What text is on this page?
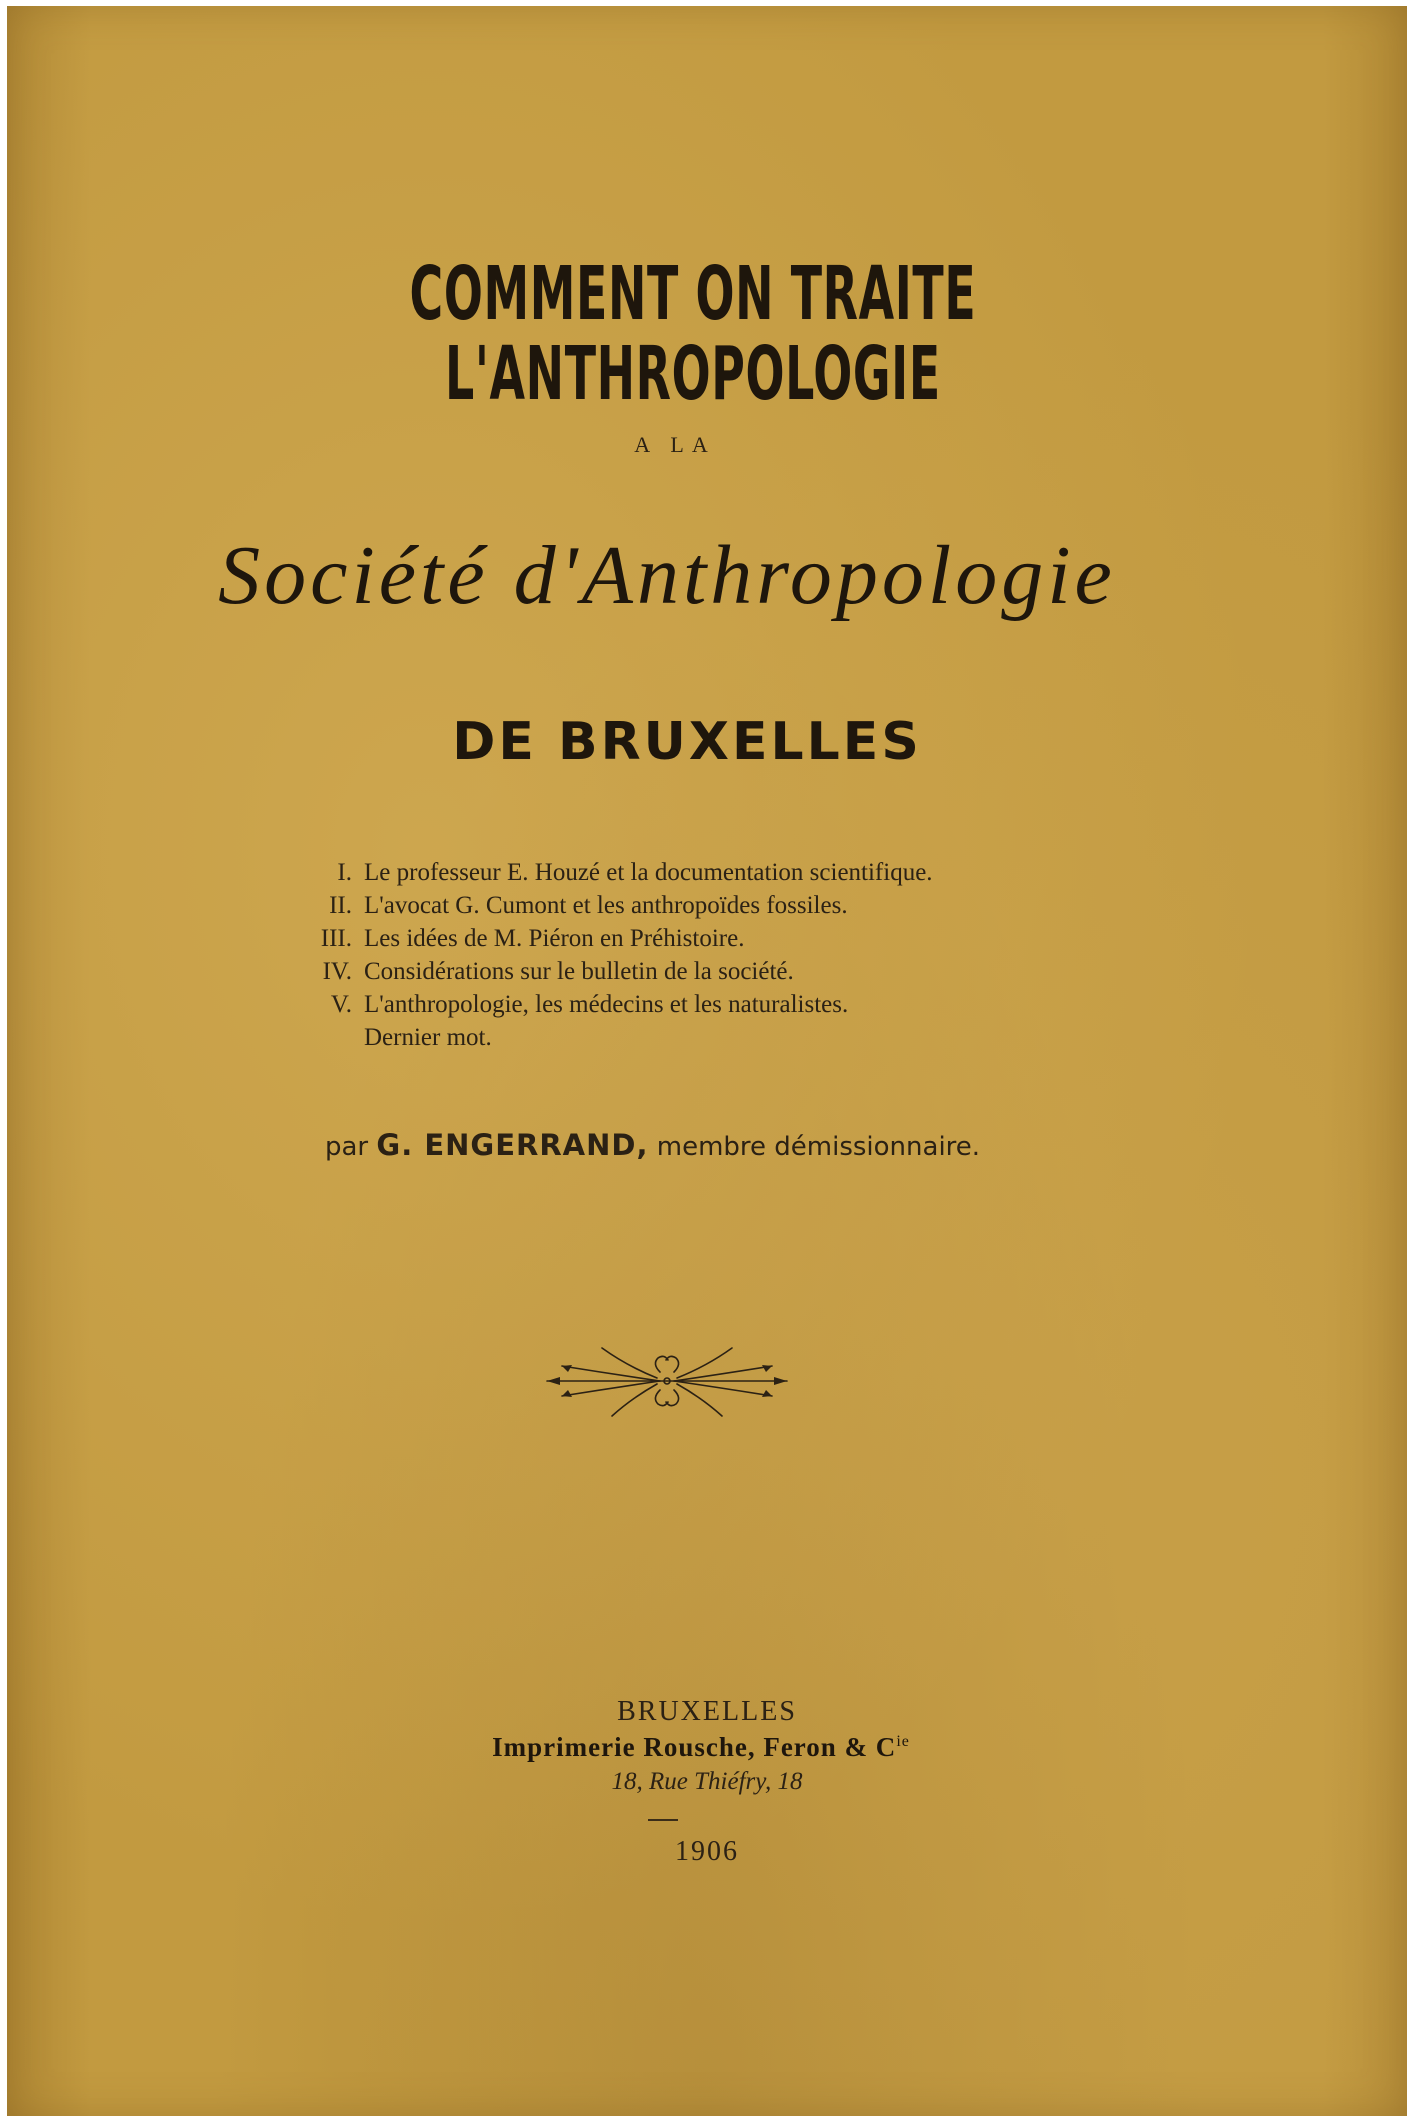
COMMENT ON TRAITE L'ANTHROPOLOGIE
A LA
Société d'Anthropologie
DE BRUXELLES
I. Le professeur E. Houzé et la documentation scientifique.
II. L'avocat G. Cumont et les anthropoïdes fossiles.
III. Les idées de M. Piéron en Préhistoire.
IV. Considérations sur le bulletin de la société.
V. L'anthropologie, les médecins et les naturalistes.
Dernier mot.
par G. ENGERRAND, membre démissionnaire.
BRUXELLES
Imprimerie Rousche, Feron & $C^{ie}$
18, Rue Thiéfry, 18
1906
